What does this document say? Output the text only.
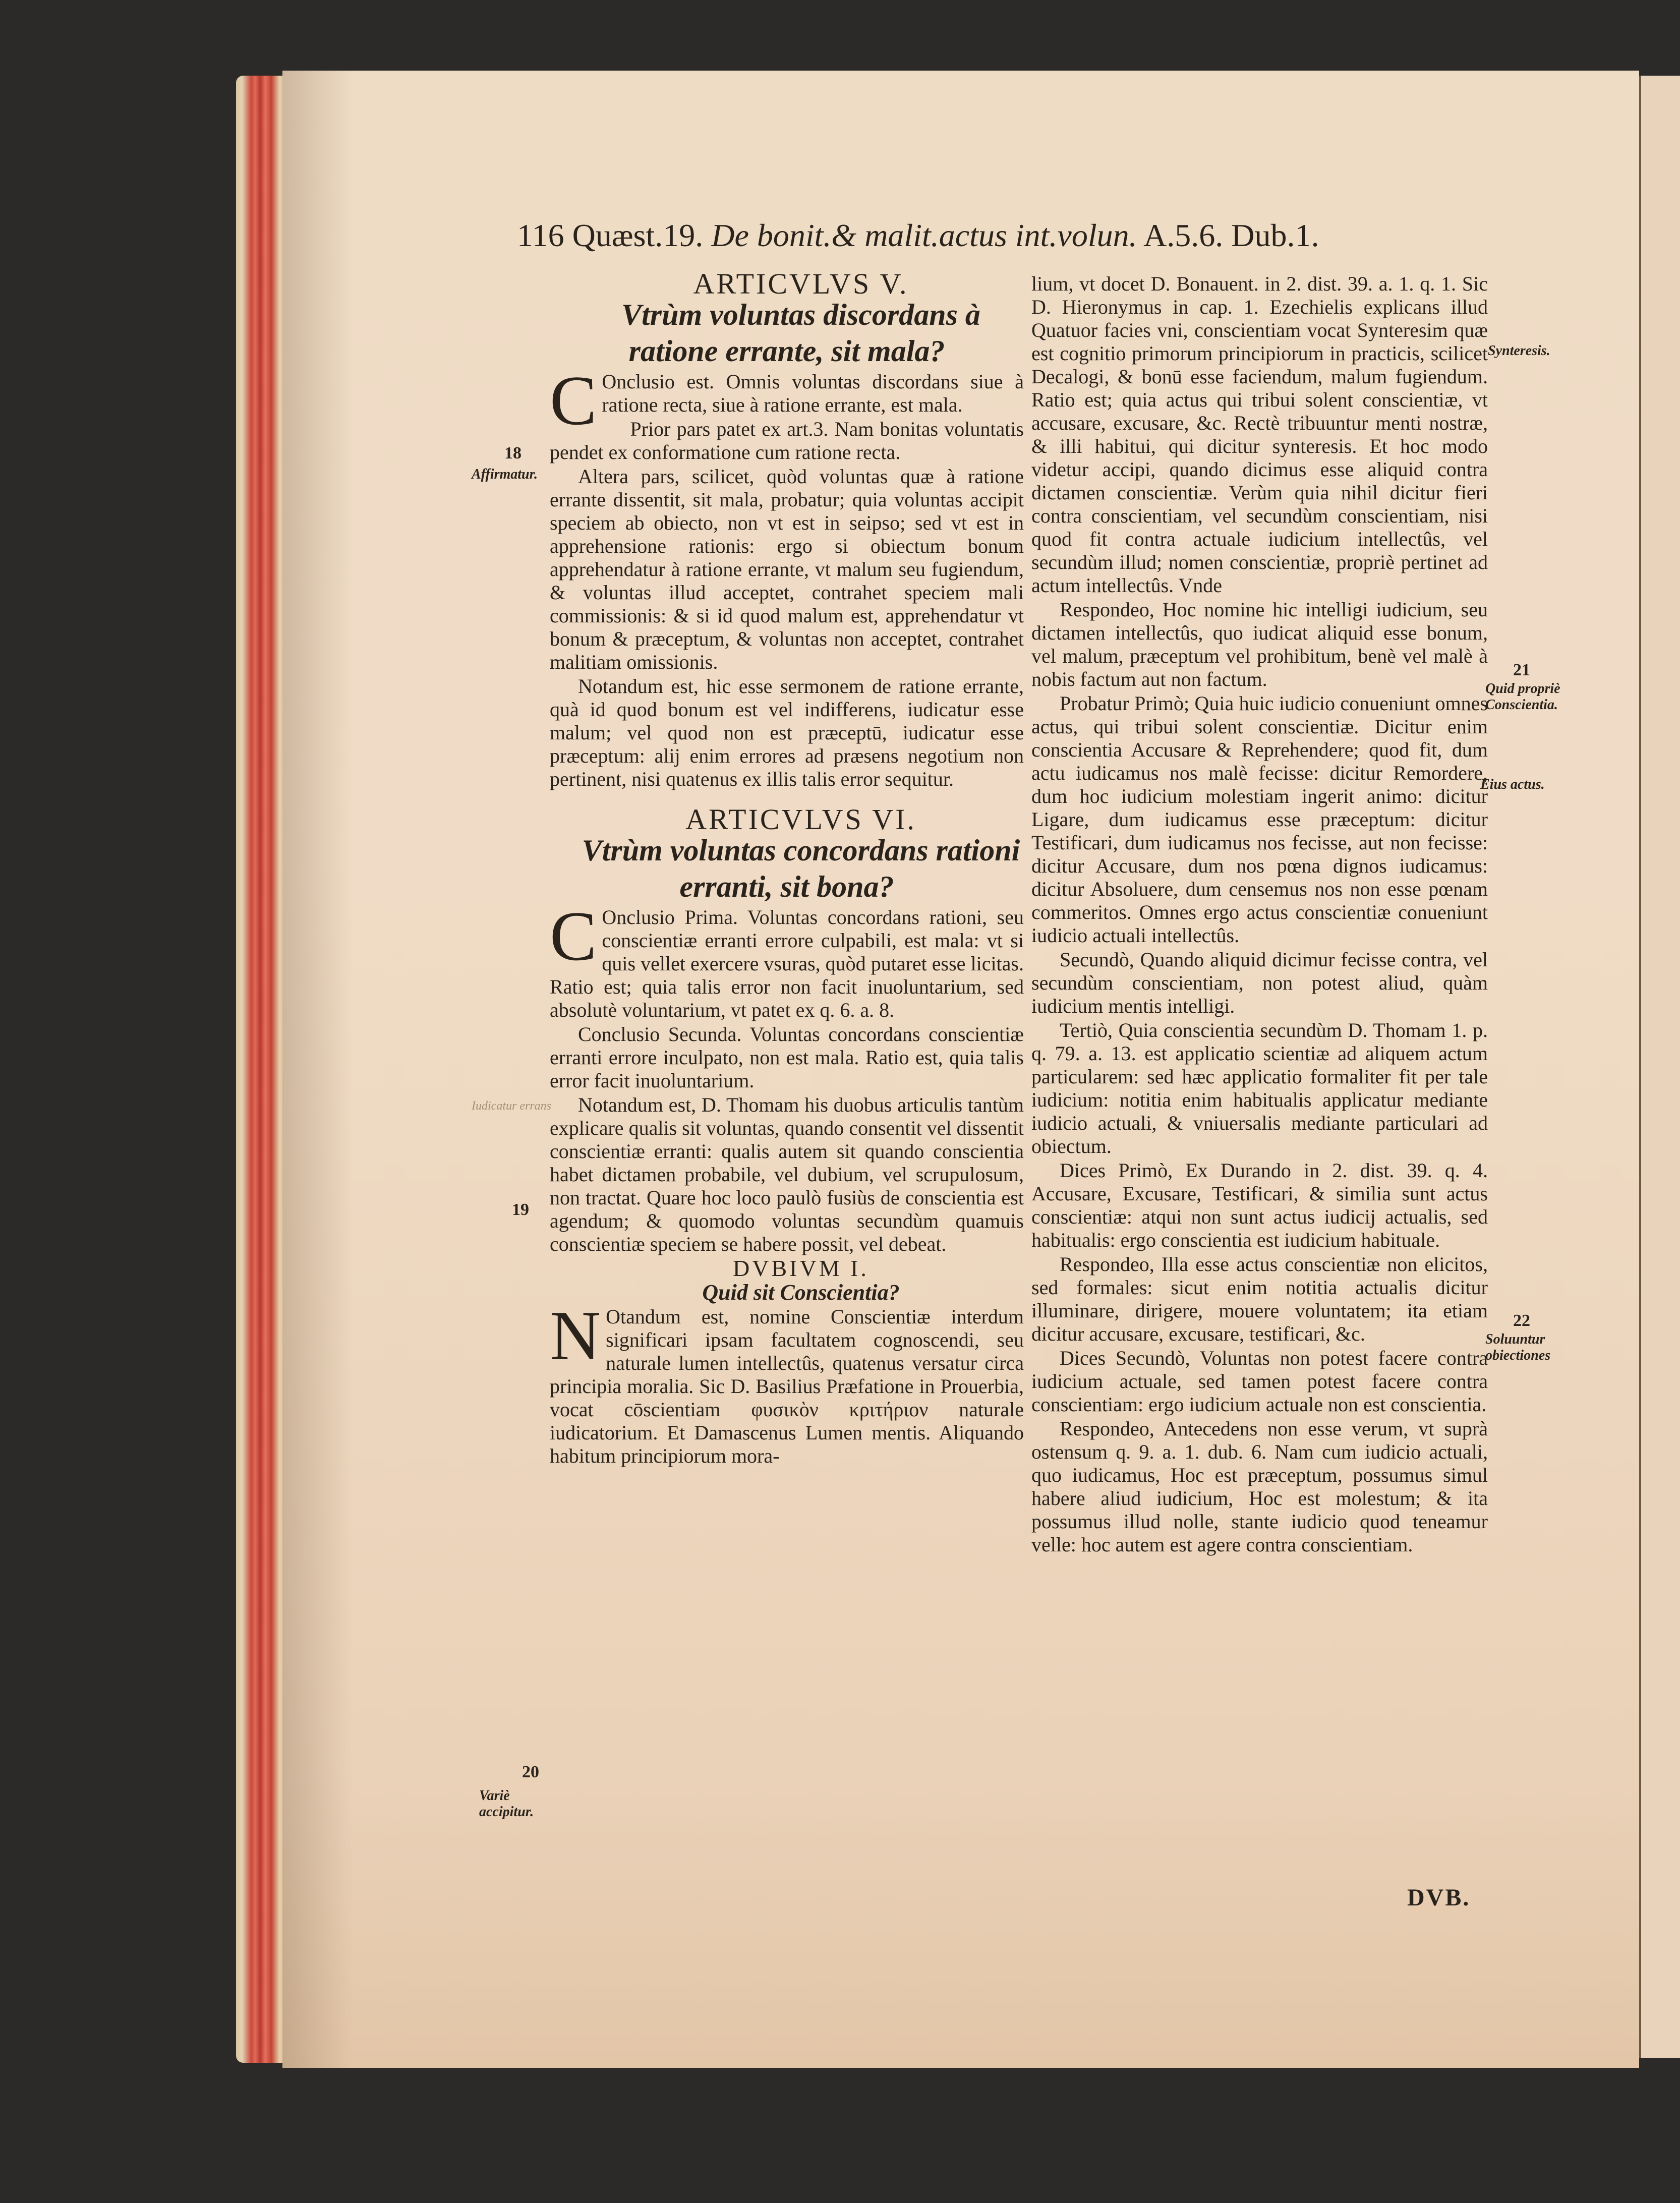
116 Quæst.19. De bonit.& malit.actus int.volun. A.5.6. Dub.1.

ARTICVLVS V.

Vtrùm voluntas discordans à ratione errante, sit mala?

C Onclusio est. Omnis voluntas discordans siue à ratione recta, siue à ratione errante, est mala.

Prior pars patet ex art.3. Nam bonitas voluntatis pendet ex conformatione cum ratione recta.

Altera pars, scilicet, quòd voluntas quæ à ratione errante dissentit, sit mala, probatur; quia voluntas accipit speciem ab obiecto, non vt est in seipso; sed vt est in apprehensione rationis: ergo si obiectum bonum apprehendatur à ratione errante, vt malum seu fugiendum, & voluntas illud acceptet, contrahet speciem mali commissionis: & si id quod malum est, apprehendatur vt bonum & præceptum, & voluntas non acceptet, contrahet malitiam omissionis.

Notandum est, hic esse sermonem de ratione errante, quà id quod bonum est vel indifferens, iudicatur esse malum; vel quod non est præceptū, iudicatur esse præceptum: alij enim errores ad præsens negotium non pertinent, nisi quatenus ex illis talis error sequitur.

ARTICVLVS VI.

Vtrùm voluntas concordans rationi erranti, sit bona?

C Onclusio Prima. Voluntas concordans rationi, seu conscientiæ erranti errore culpabili, est mala: vt si quis vellet exercere vsuras, quòd putaret esse licitas. Ratio est; quia talis error non facit inuoluntarium, sed absolutè voluntarium, vt patet ex q. 6. a. 8.

Conclusio Secunda. Voluntas concordans conscientiæ erranti errore inculpato, non est mala. Ratio est, quia talis error facit inuoluntarium.

Notandum est, D. Thomam his duobus articulis tantùm explicare qualis sit voluntas, quando consentit vel dissentit conscientiæ erranti: qualis autem sit quando conscientia habet dictamen probabile, vel dubium, vel scrupulosum, non tractat. Quare hoc loco paulò fusiùs de conscientia est agendum; & quomodo voluntas secundùm quamuis conscientiæ speciem se habere possit, vel debeat.

DVBIVM I.

Quid sit Conscientia?

N Otandum est, nomine Conscientiæ interdum significari ipsam facultatem cognoscendi, seu naturale lumen intellectûs, quatenus versatur circa principia moralia. Sic D. Basilius Præfatione in Prouerbia, vocat cōscientiam φυσικὸν κριτήριον naturale iudicatorium. Et Damascenus Lumen mentis. Aliquando habitum principiorum mora-

lium, vt docet D. Bonauent. in 2. dist. 39. a. 1. q. 1. Sic D. Hieronymus in cap. 1. Ezechielis explicans illud Quatuor facies vni, conscientiam vocat Synteresim quæ est cognitio primorum principiorum in practicis, scilicet Decalogi, & bonū esse faciendum, malum fugiendum. Ratio est; quia actus qui tribui solent conscientiæ, vt accusare, excusare, &c. Rectè tribuuntur menti nostræ, & illi habitui, qui dicitur synteresis. Et hoc modo videtur accipi, quando dicimus esse aliquid contra dictamen conscientiæ. Verùm quia nihil dicitur fieri contra conscientiam, vel secundùm conscientiam, nisi quod fit contra actuale iudicium intellectûs, vel secundùm illud; nomen conscientiæ, propriè pertinet ad actum intellectûs. Vnde

Respondeo, Hoc nomine hic intelligi iudicium, seu dictamen intellectûs, quo iudicat aliquid esse bonum, vel malum, præceptum vel prohibitum, benè vel malè à nobis factum aut non factum.

Probatur Primò; Quia huic iudicio conueniunt omnes actus, qui tribui solent conscientiæ. Dicitur enim conscientia Accusare & Reprehendere; quod fit, dum actu iudicamus nos malè fecisse: dicitur Remordere, dum hoc iudicium molestiam ingerit animo: dicitur Ligare, dum iudicamus esse præceptum: dicitur Testificari, dum iudicamus nos fecisse, aut non fecisse: dicitur Accusare, dum nos pœna dignos iudicamus: dicitur Absoluere, dum censemus nos non esse pœnam commeritos. Omnes ergo actus conscientiæ conueniunt iudicio actuali intellectûs.

Secundò, Quando aliquid dicimur fecisse contra, vel secundùm conscientiam, non potest aliud, quàm iudicium mentis intelligi.

Tertiò, Quia conscientia secundùm D. Thomam 1. p. q. 79. a. 13. est applicatio scientiæ ad aliquem actum particularem: sed hæc applicatio formaliter fit per tale iudicium: notitia enim habitualis applicatur mediante iudicio actuali, & vniuersalis mediante particulari ad obiectum.

Dices Primò, Ex Durando in 2. dist. 39. q. 4. Accusare, Excusare, Testificari, & similia sunt actus conscientiæ: atqui non sunt actus iudicij actualis, sed habitualis: ergo conscientia est iudicium habituale.

Respondeo, Illa esse actus conscientiæ non elicitos, sed formales: sicut enim notitia actualis dicitur illuminare, dirigere, mouere voluntatem; ita etiam dicitur accusare, excusare, testificari, &c.

Dices Secundò, Voluntas non potest facere contra iudicium actuale, sed tamen potest facere contra conscientiam: ergo iudicium actuale non est conscientia.

Respondeo, Antecedens non esse verum, vt suprà ostensum q. 9. a. 1. dub. 6. Nam cum iudicio actuali, quo iudicamus, Hoc est præceptum, possumus simul habere aliud iudicium, Hoc est molestum; & ita possumus illud nolle, stante iudicio quod teneamur velle: hoc autem est agere contra conscientiam.

18
Affirmatur.
19
20
Variè accipitur.
Iudicatur errans
Synteresis.
21
Quid propriè Conscientia.
Eius actus.
22
Soluuntur obiectiones
DVB.
